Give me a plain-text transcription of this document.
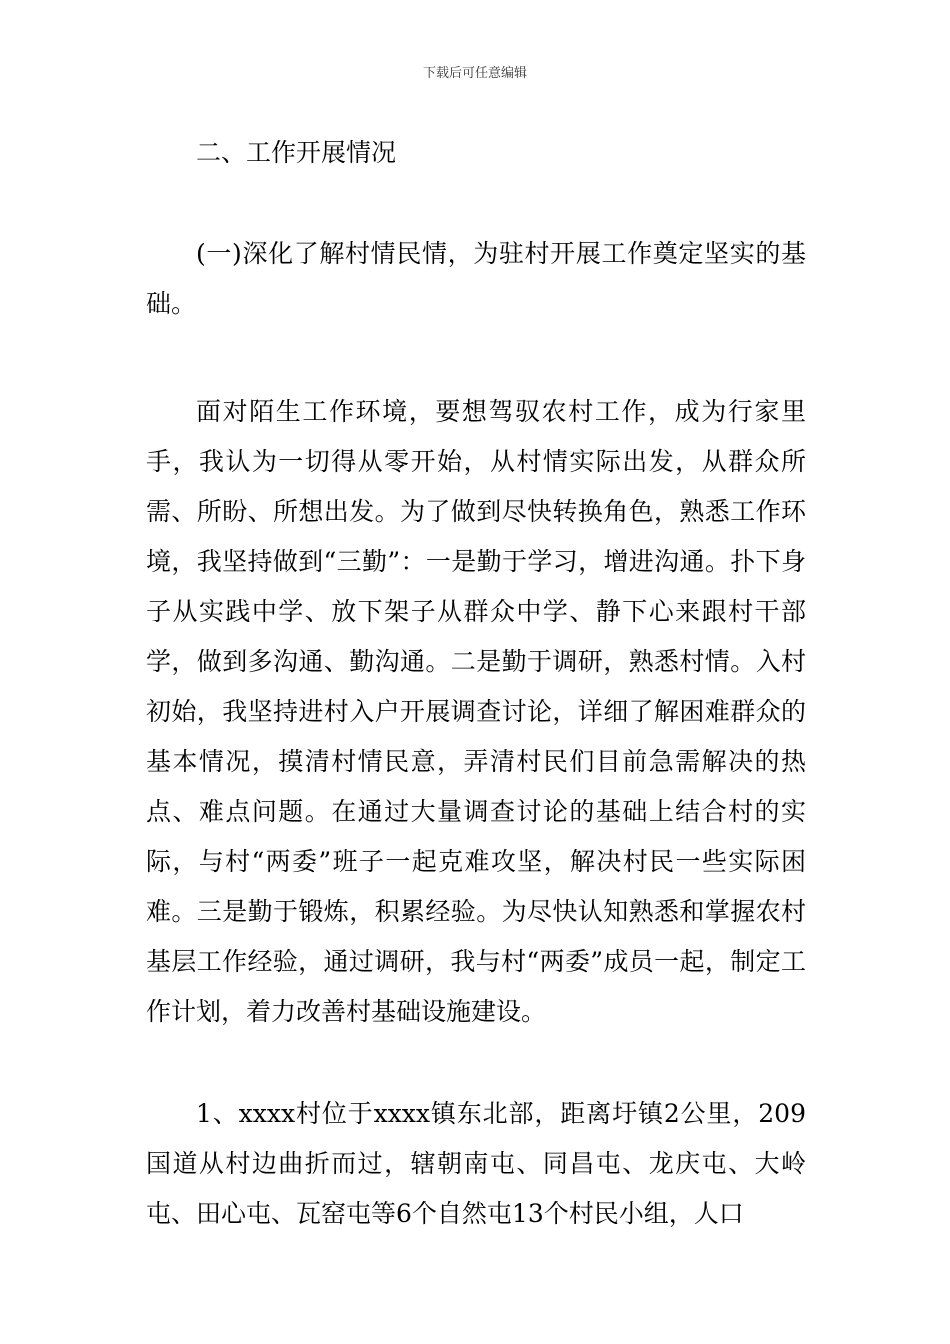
下载后可任意编辑
二、工作开展情况
(一)深化了解村情民情，为驻村开展工作奠定坚实的基础。

面对陌生工作环境，要想驾驭农村工作，成为行家里手，我认为一切得从零开始，从村情实际出发，从群众所需、所盼、所想出发。为了做到尽快转换角色，熟悉工作环境，我坚持做到“三勤”：一是勤于学习，增进沟通。扑下身子从实践中学、放下架子从群众中学、静下心来跟村干部学，做到多沟通、勤沟通。二是勤于调研，熟悉村情。入村初始，我坚持进村入户开展调查讨论，详细了解困难群众的基本情况，摸清村情民意，弄清村民们目前急需解决的热点、难点问题。在通过大量调查讨论的基础上结合村的实际，与村“两委”班子一起克难攻坚，解决村民一些实际困难。三是勤于锻炼，积累经验。为尽快认知熟悉和掌握农村基层工作经验，通过调研，我与村“两委”成员一起，制定工作计划，着力改善村基础设施建设。

1、xxxx村位于xxxx镇东北部，距离圩镇2公里，209国道从村边曲折而过，辖朝南屯、同昌屯、龙庆屯、大岭屯、田心屯、瓦窑屯等6个自然屯13个村民小组，人口
